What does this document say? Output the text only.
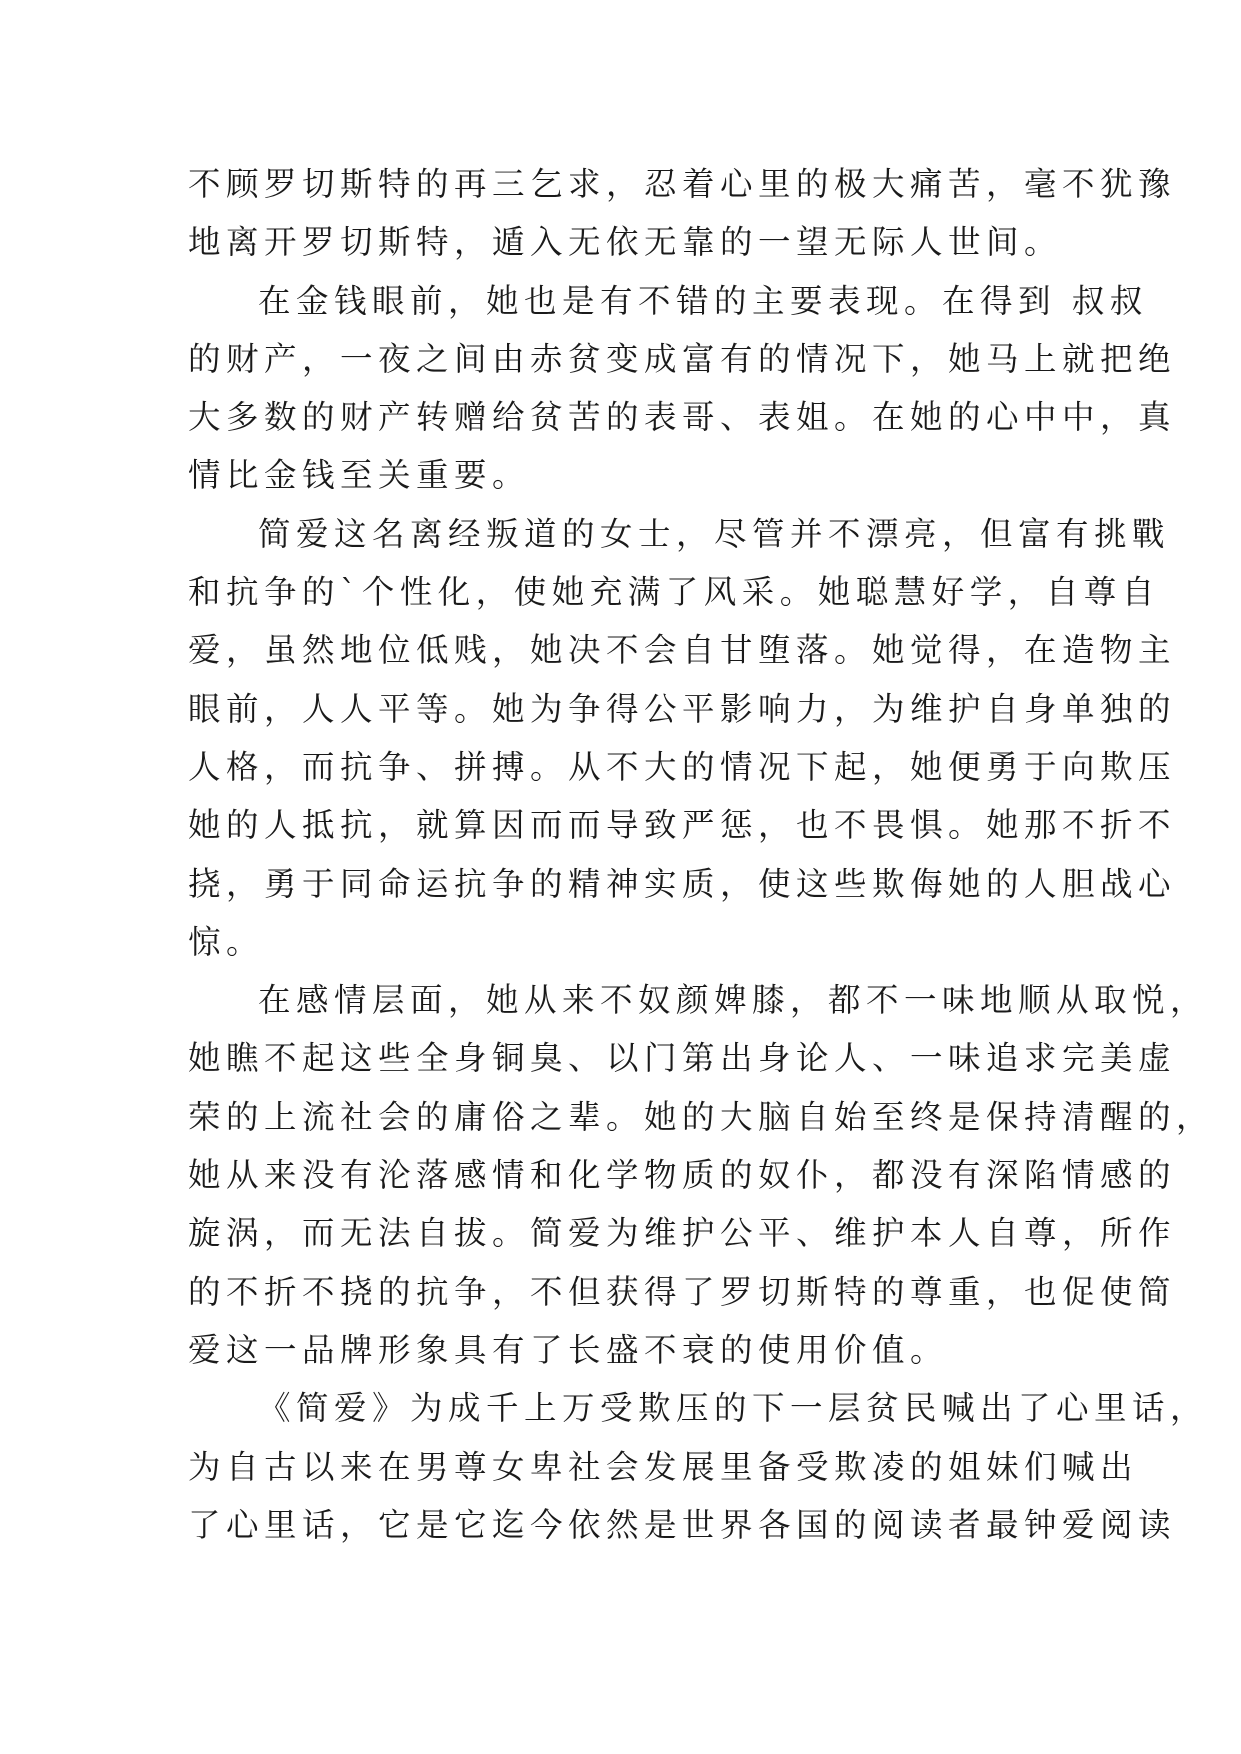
不顾罗切斯特的再三乞求，忍着心里的极大痛苦，毫不犹豫
地离开罗切斯特，遁入无依无靠的一望无际人世间。
在金钱眼前，她也是有不错的主要表现。在得到 叔叔
的财产，一夜之间由赤贫变成富有的情况下，她马上就把绝
大多数的财产转赠给贫苦的表哥、表姐。在她的心中中，真
情比金钱至关重要。
简爱这名离经叛道的女士，尽管并不漂亮，但富有挑戰
和抗争的`个性化，使她充满了风采。她聪慧好学，自尊自
爱，虽然地位低贱，她决不会自甘堕落。她觉得，在造物主
眼前，人人平等。她为争得公平影响力，为维护自身单独的
人格，而抗争、拼搏。从不大的情况下起，她便勇于向欺压
她的人抵抗，就算因而而导致严惩，也不畏惧。她那不折不
挠，勇于同命运抗争的精神实质，使这些欺侮她的人胆战心
惊。
在感情层面，她从来不奴颜婢膝，都不一味地顺从取悦，
她瞧不起这些全身铜臭、以门第出身论人、一味追求完美虚
荣的上流社会的庸俗之辈。她的大脑自始至终是保持清醒的，
她从来没有沦落感情和化学物质的奴仆，都没有深陷情感的
旋涡，而无法自拔。简爱为维护公平、维护本人自尊，所作
的不折不挠的抗争，不但获得了罗切斯特的尊重，也促使简
爱这一品牌形象具有了长盛不衰的使用价值。
《简爱》为成千上万受欺压的下一层贫民喊出了心里话，
为自古以来在男尊女卑社会发展里备受欺凌的姐妹们喊出
了心里话，它是它迄今依然是世界各国的阅读者最钟爱阅读
